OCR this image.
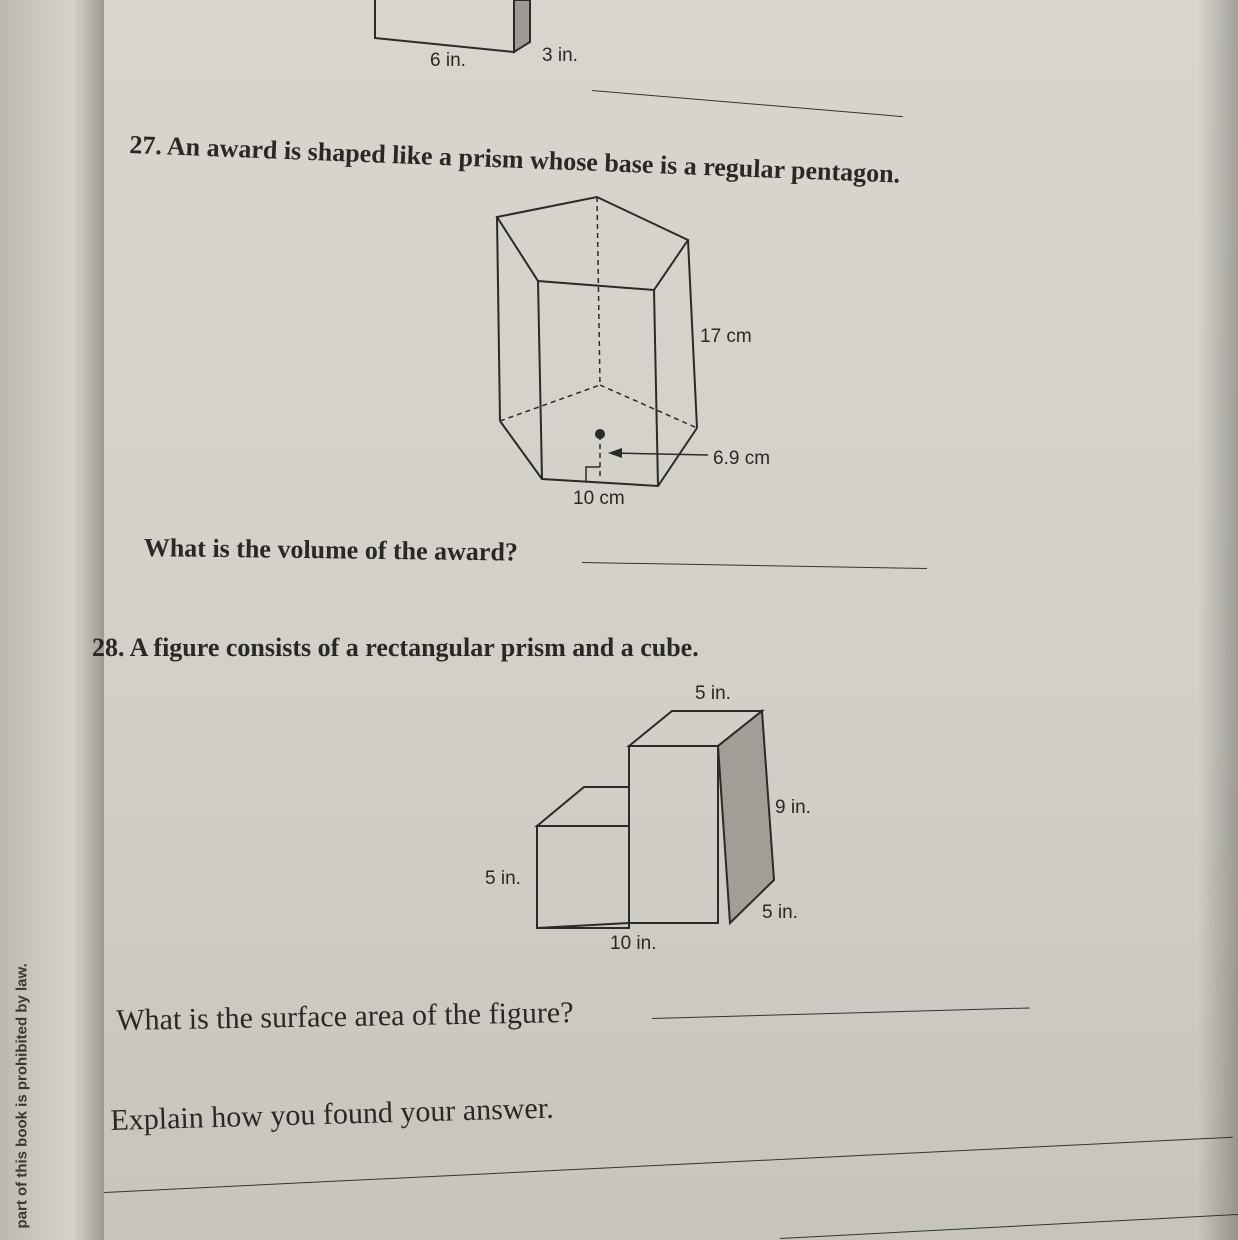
part of this book is prohibited by law.
6 in.	3 in.
27. An award is shaped like a prism whose base is a regular pentagon.
17 cm
6.9 cm
10 cm
What is the volume of the award?
28. A figure consists of a rectangular prism and a cube.
5 in.
9 in.
5 in.
5 in.
10 in.
What is the surface area of the figure?
Explain how you found your answer.
